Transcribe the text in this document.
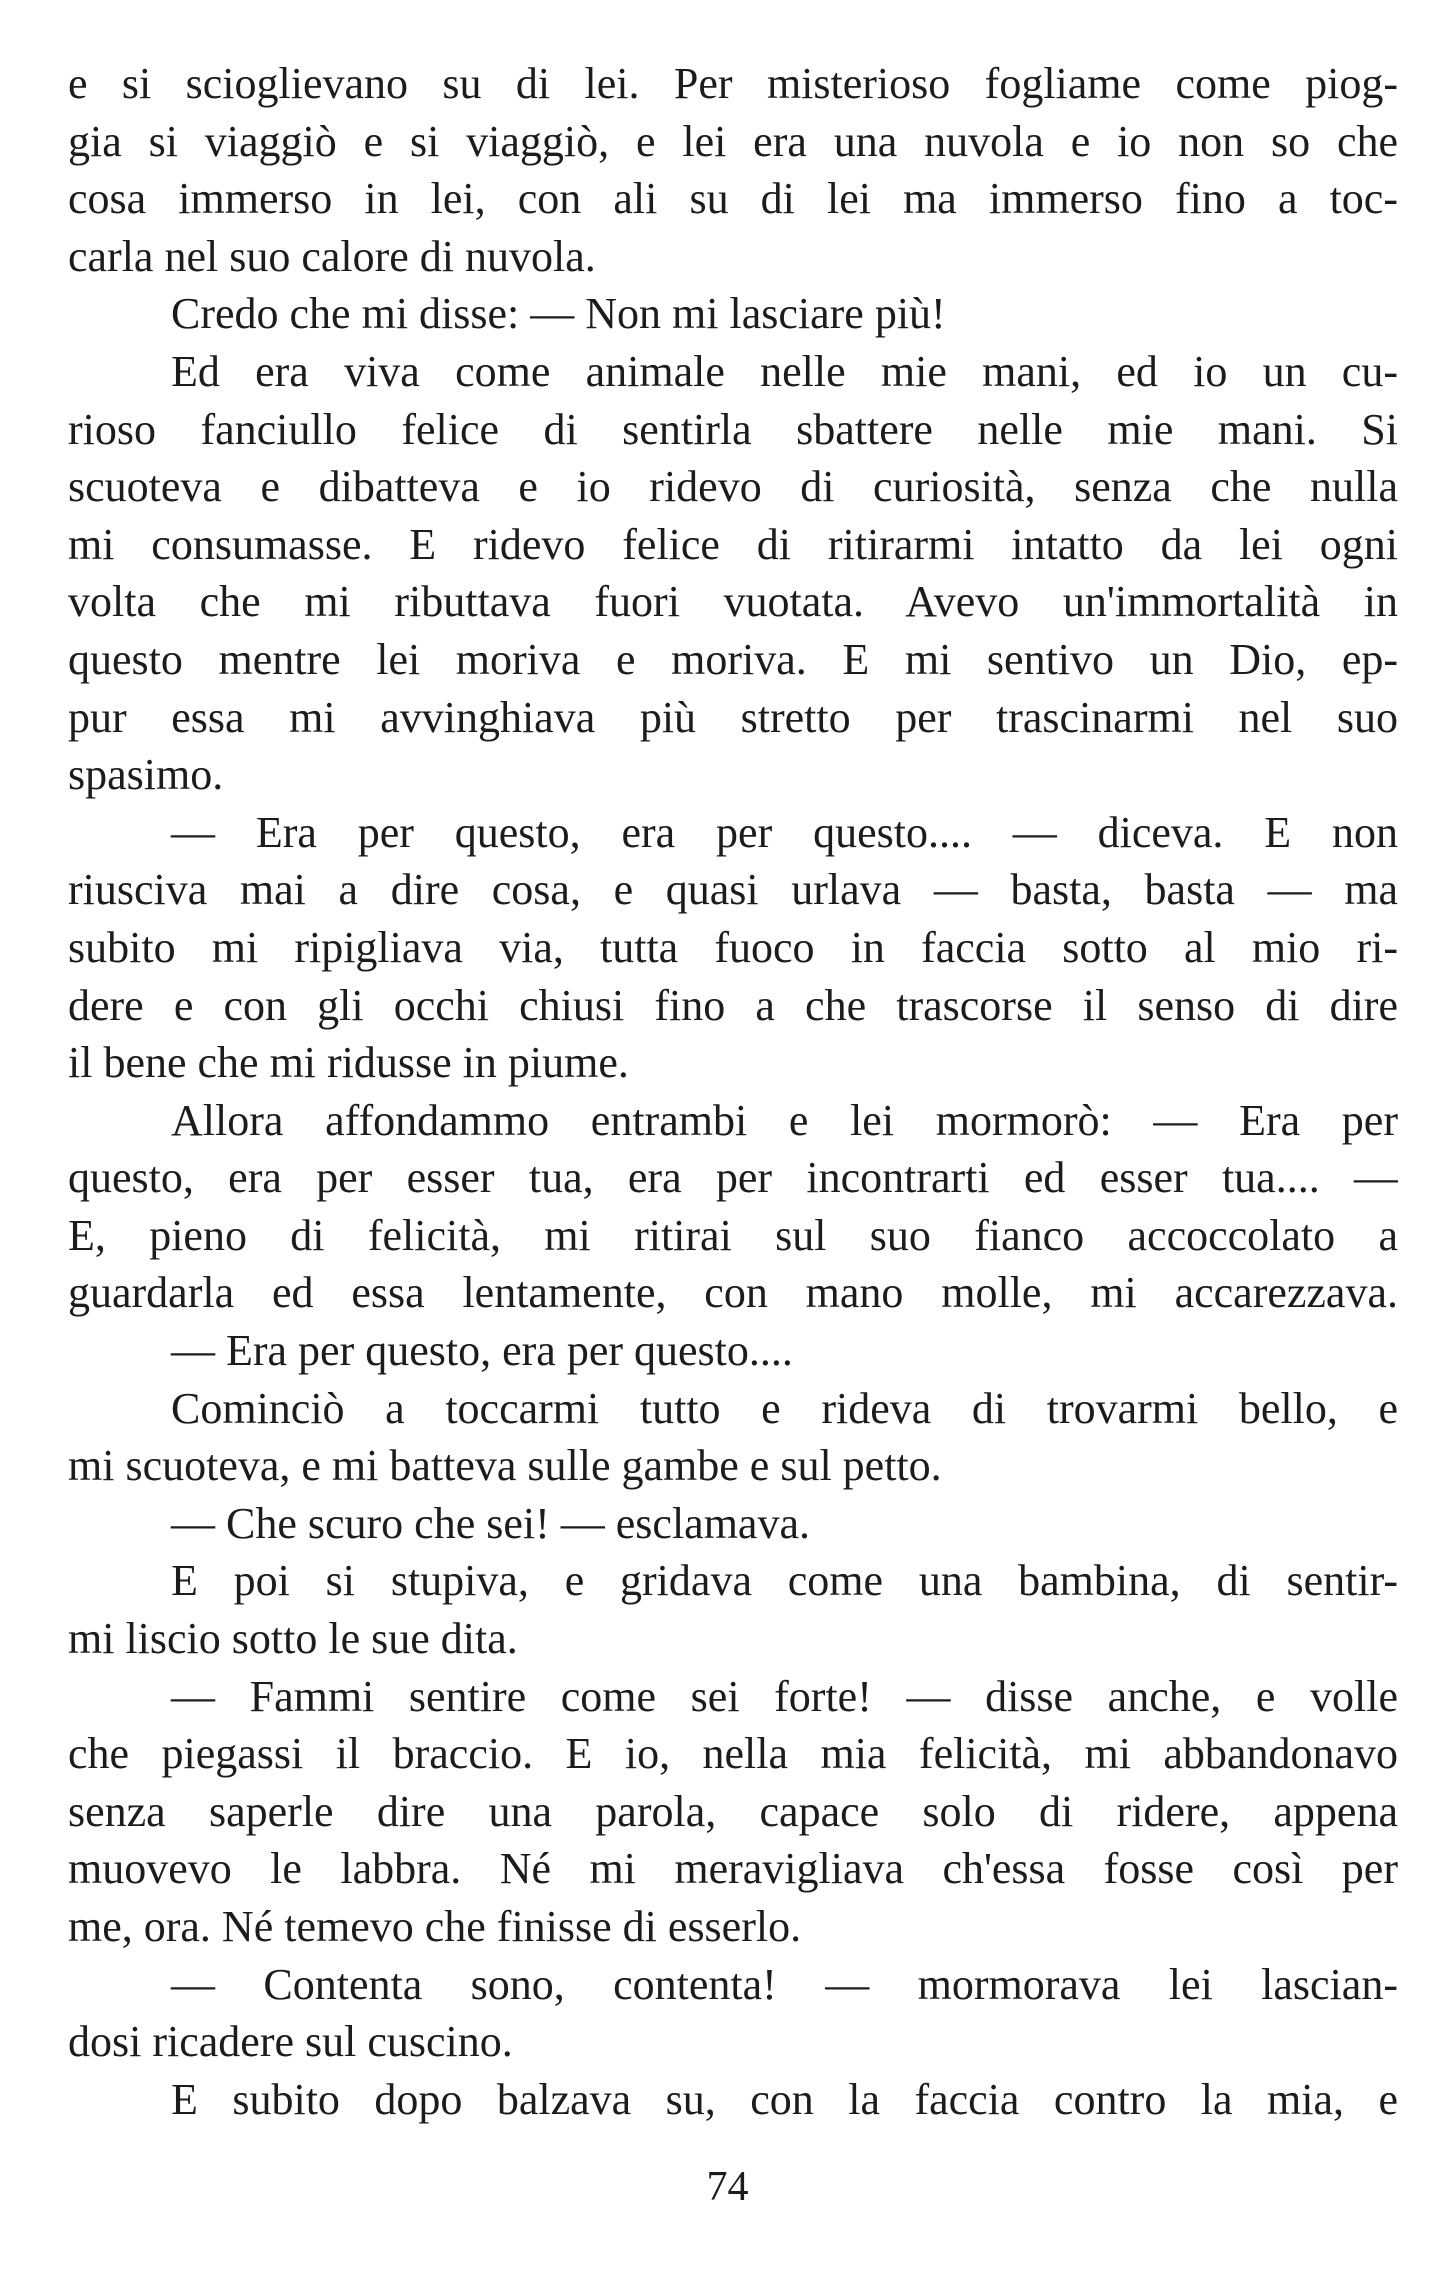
e si scioglievano su di lei. Per misterioso fogliame come piog-
gia si viaggiò e si viaggiò, e lei era una nuvola e io non so che
cosa immerso in lei, con ali su di lei ma immerso fino a toc-
carla nel suo calore di nuvola.
Credo che mi disse: — Non mi lasciare più!
Ed era viva come animale nelle mie mani, ed io un cu-
rioso fanciullo felice di sentirla sbattere nelle mie mani. Si
scuoteva e dibatteva e io ridevo di curiosità, senza che nulla
mi consumasse. E ridevo felice di ritirarmi intatto da lei ogni
volta che mi ributtava fuori vuotata. Avevo un'immortalità in
questo mentre lei moriva e moriva. E mi sentivo un Dio, ep-
pur essa mi avvinghiava più stretto per trascinarmi nel suo
spasimo.
— Era per questo, era per questo.... — diceva. E non
riusciva mai a dire cosa, e quasi urlava — basta, basta — ma
subito mi ripigliava via, tutta fuoco in faccia sotto al mio ri-
dere e con gli occhi chiusi fino a che trascorse il senso di dire
il bene che mi ridusse in piume.
Allora affondammo entrambi e lei mormorò: — Era per
questo, era per esser tua, era per incontrarti ed esser tua.... —
E, pieno di felicità, mi ritirai sul suo fianco accoccolato a
guardarla ed essa lentamente, con mano molle, mi accarezzava.
— Era per questo, era per questo....
Cominciò a toccarmi tutto e rideva di trovarmi bello, e
mi scuoteva, e mi batteva sulle gambe e sul petto.
— Che scuro che sei! — esclamava.
E poi si stupiva, e gridava come una bambina, di sentir-
mi liscio sotto le sue dita.
— Fammi sentire come sei forte! — disse anche, e volle
che piegassi il braccio. E io, nella mia felicità, mi abbandonavo
senza saperle dire una parola, capace solo di ridere, appena
muovevo le labbra. Né mi meravigliava ch'essa fosse così per
me, ora. Né temevo che finisse di esserlo.
— Contenta sono, contenta! — mormorava lei lascian-
dosi ricadere sul cuscino.
E subito dopo balzava su, con la faccia contro la mia, e
74
